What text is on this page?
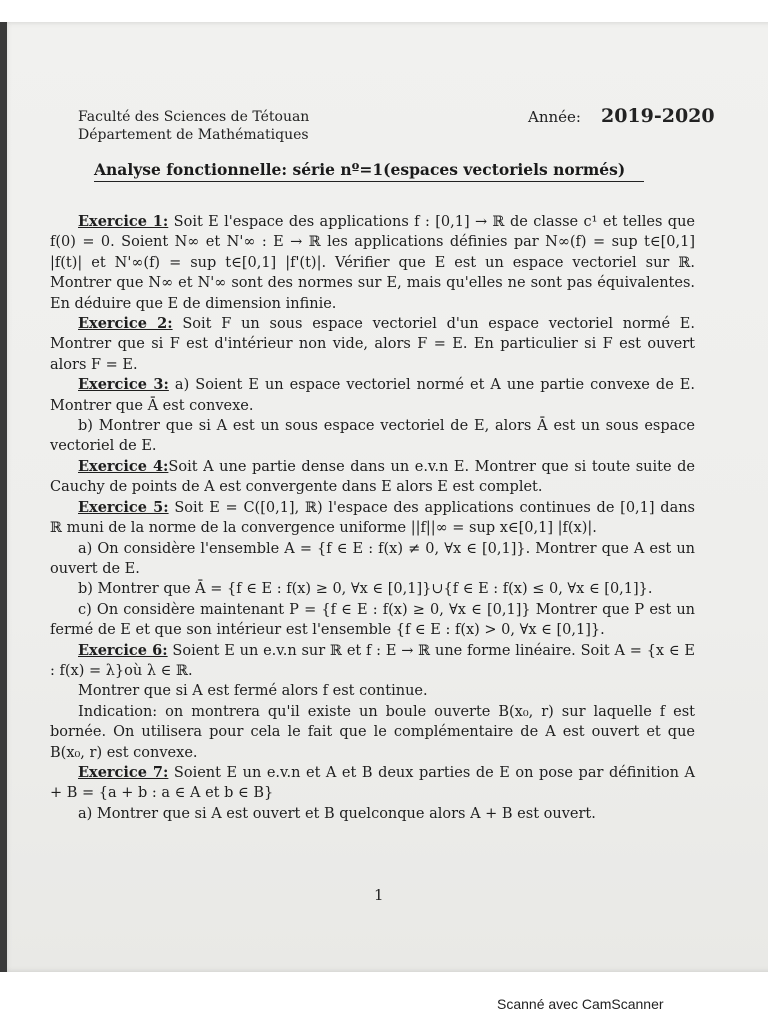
Faculté des Sciences de Tétouan
Département de Mathématiques
Année: 2019-2020
Analyse fonctionnelle: série nº=1(espaces vectoriels normés)

Exercice 1: Soit E l'espace des applications f : [0,1] → ℝ de classe c¹ et telles que f(0) = 0. Soient N∞ et N'∞ : E → ℝ les applications définies par N∞(f) = sup t∈[0,1] |f(t)| et N'∞(f) = sup t∈[0,1] |f'(t)|. Vérifier que E est un espace vectoriel sur ℝ. Montrer que N∞ et N'∞ sont des normes sur E, mais qu'elles ne sont pas équivalentes. En déduire que E de dimension infinie.

Exercice 2: Soit F un sous espace vectoriel d'un espace vectoriel normé E. Montrer que si F est d'intérieur non vide, alors F = E. En particulier si F est ouvert alors F = E.

Exercice 3: a) Soient E un espace vectoriel normé et A une partie convexe de E. Montrer que Ā est convexe.

b) Montrer que si A est un sous espace vectoriel de E, alors Ā est un sous espace vectoriel de E.

Exercice 4:Soit A une partie dense dans un e.v.n E. Montrer que si toute suite de Cauchy de points de A est convergente dans E alors E est complet.

Exercice 5: Soit E = C([0,1], ℝ) l'espace des applications continues de [0,1] dans ℝ muni de la norme de la convergence uniforme ||f||∞ = sup x∈[0,1] |f(x)|.

a) On considère l'ensemble A = {f ∈ E : f(x) ≠ 0, ∀x ∈ [0,1]}. Montrer que A est un ouvert de E.

b) Montrer que Ā = {f ∈ E : f(x) ≥ 0, ∀x ∈ [0,1]}∪{f ∈ E : f(x) ≤ 0, ∀x ∈ [0,1]}.

c) On considère maintenant P = {f ∈ E : f(x) ≥ 0, ∀x ∈ [0,1]} Montrer que P est un fermé de E et que son intérieur est l'ensemble {f ∈ E : f(x) > 0, ∀x ∈ [0,1]}.

Exercice 6: Soient E un e.v.n sur ℝ et f : E → ℝ une forme linéaire. Soit A = {x ∈ E : f(x) = λ}où λ ∈ ℝ.

Montrer que si A est fermé alors f est continue.

Indication: on montrera qu'il existe un boule ouverte B(x₀, r) sur laquelle f est bornée. On utilisera pour cela le fait que le complémentaire de A est ouvert et que B(x₀, r) est convexe.

Exercice 7: Soient E un e.v.n et A et B deux parties de E on pose par définition A + B = {a + b : a ∈ A et b ∈ B}

a) Montrer que si A est ouvert et B quelconque alors A + B est ouvert.

1
Scanné avec CamScanner
